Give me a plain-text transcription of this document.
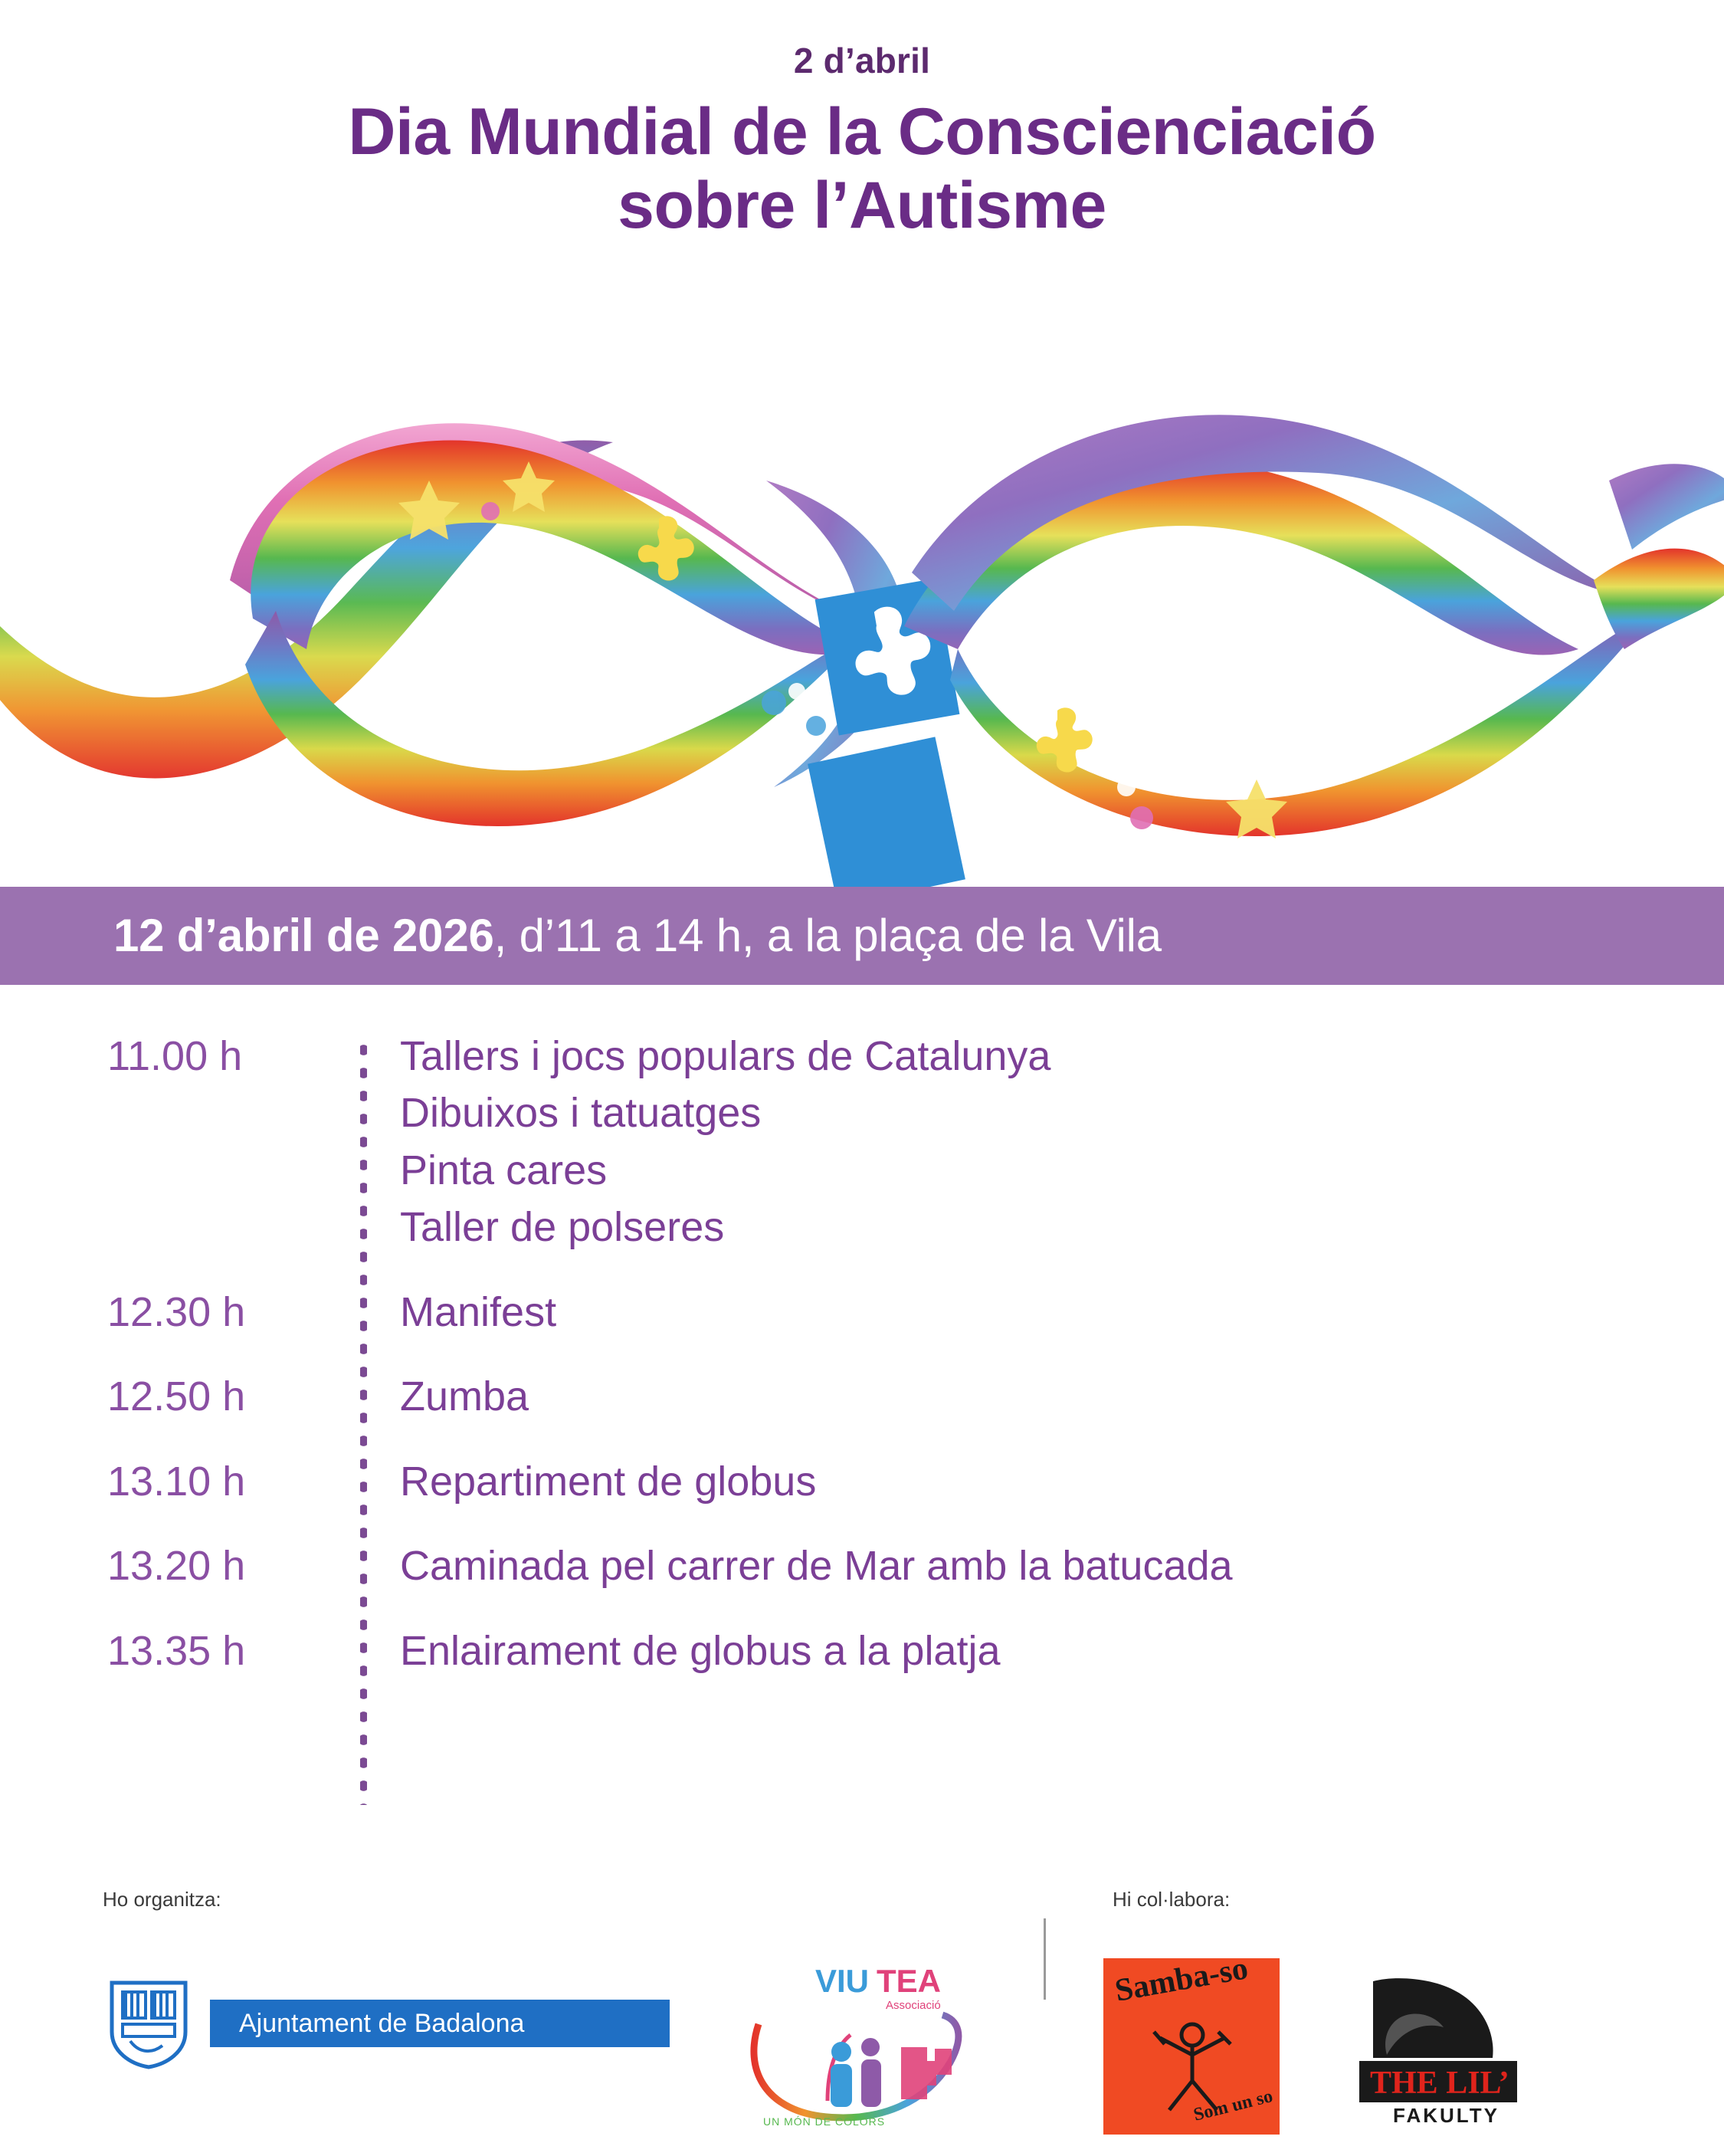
2 d’abril
Dia Mundial de la Conscienciació
sobre l’Autisme
12 d’abril de 2026, d’11 a 14 h, a la plaça de la Vila
11.00 h	Tallers i jocs populars de Catalunya
Dibuixos i tatuatges
Pinta cares
Taller de polseres
12.30 h	Manifest
12.50 h	Zumba
13.10 h	Repartiment de globus
13.20 h	Caminada pel carrer de Mar amb la batucada
13.35 h	Enlairament de globus a la platja
Ho organitza:	Hi col·labora:
Ajuntament de Badalona
VIU TEA
Associació
UN MÓN DE COLORS
Samba-so
Som un so
THE LIL’
FAKULTY
